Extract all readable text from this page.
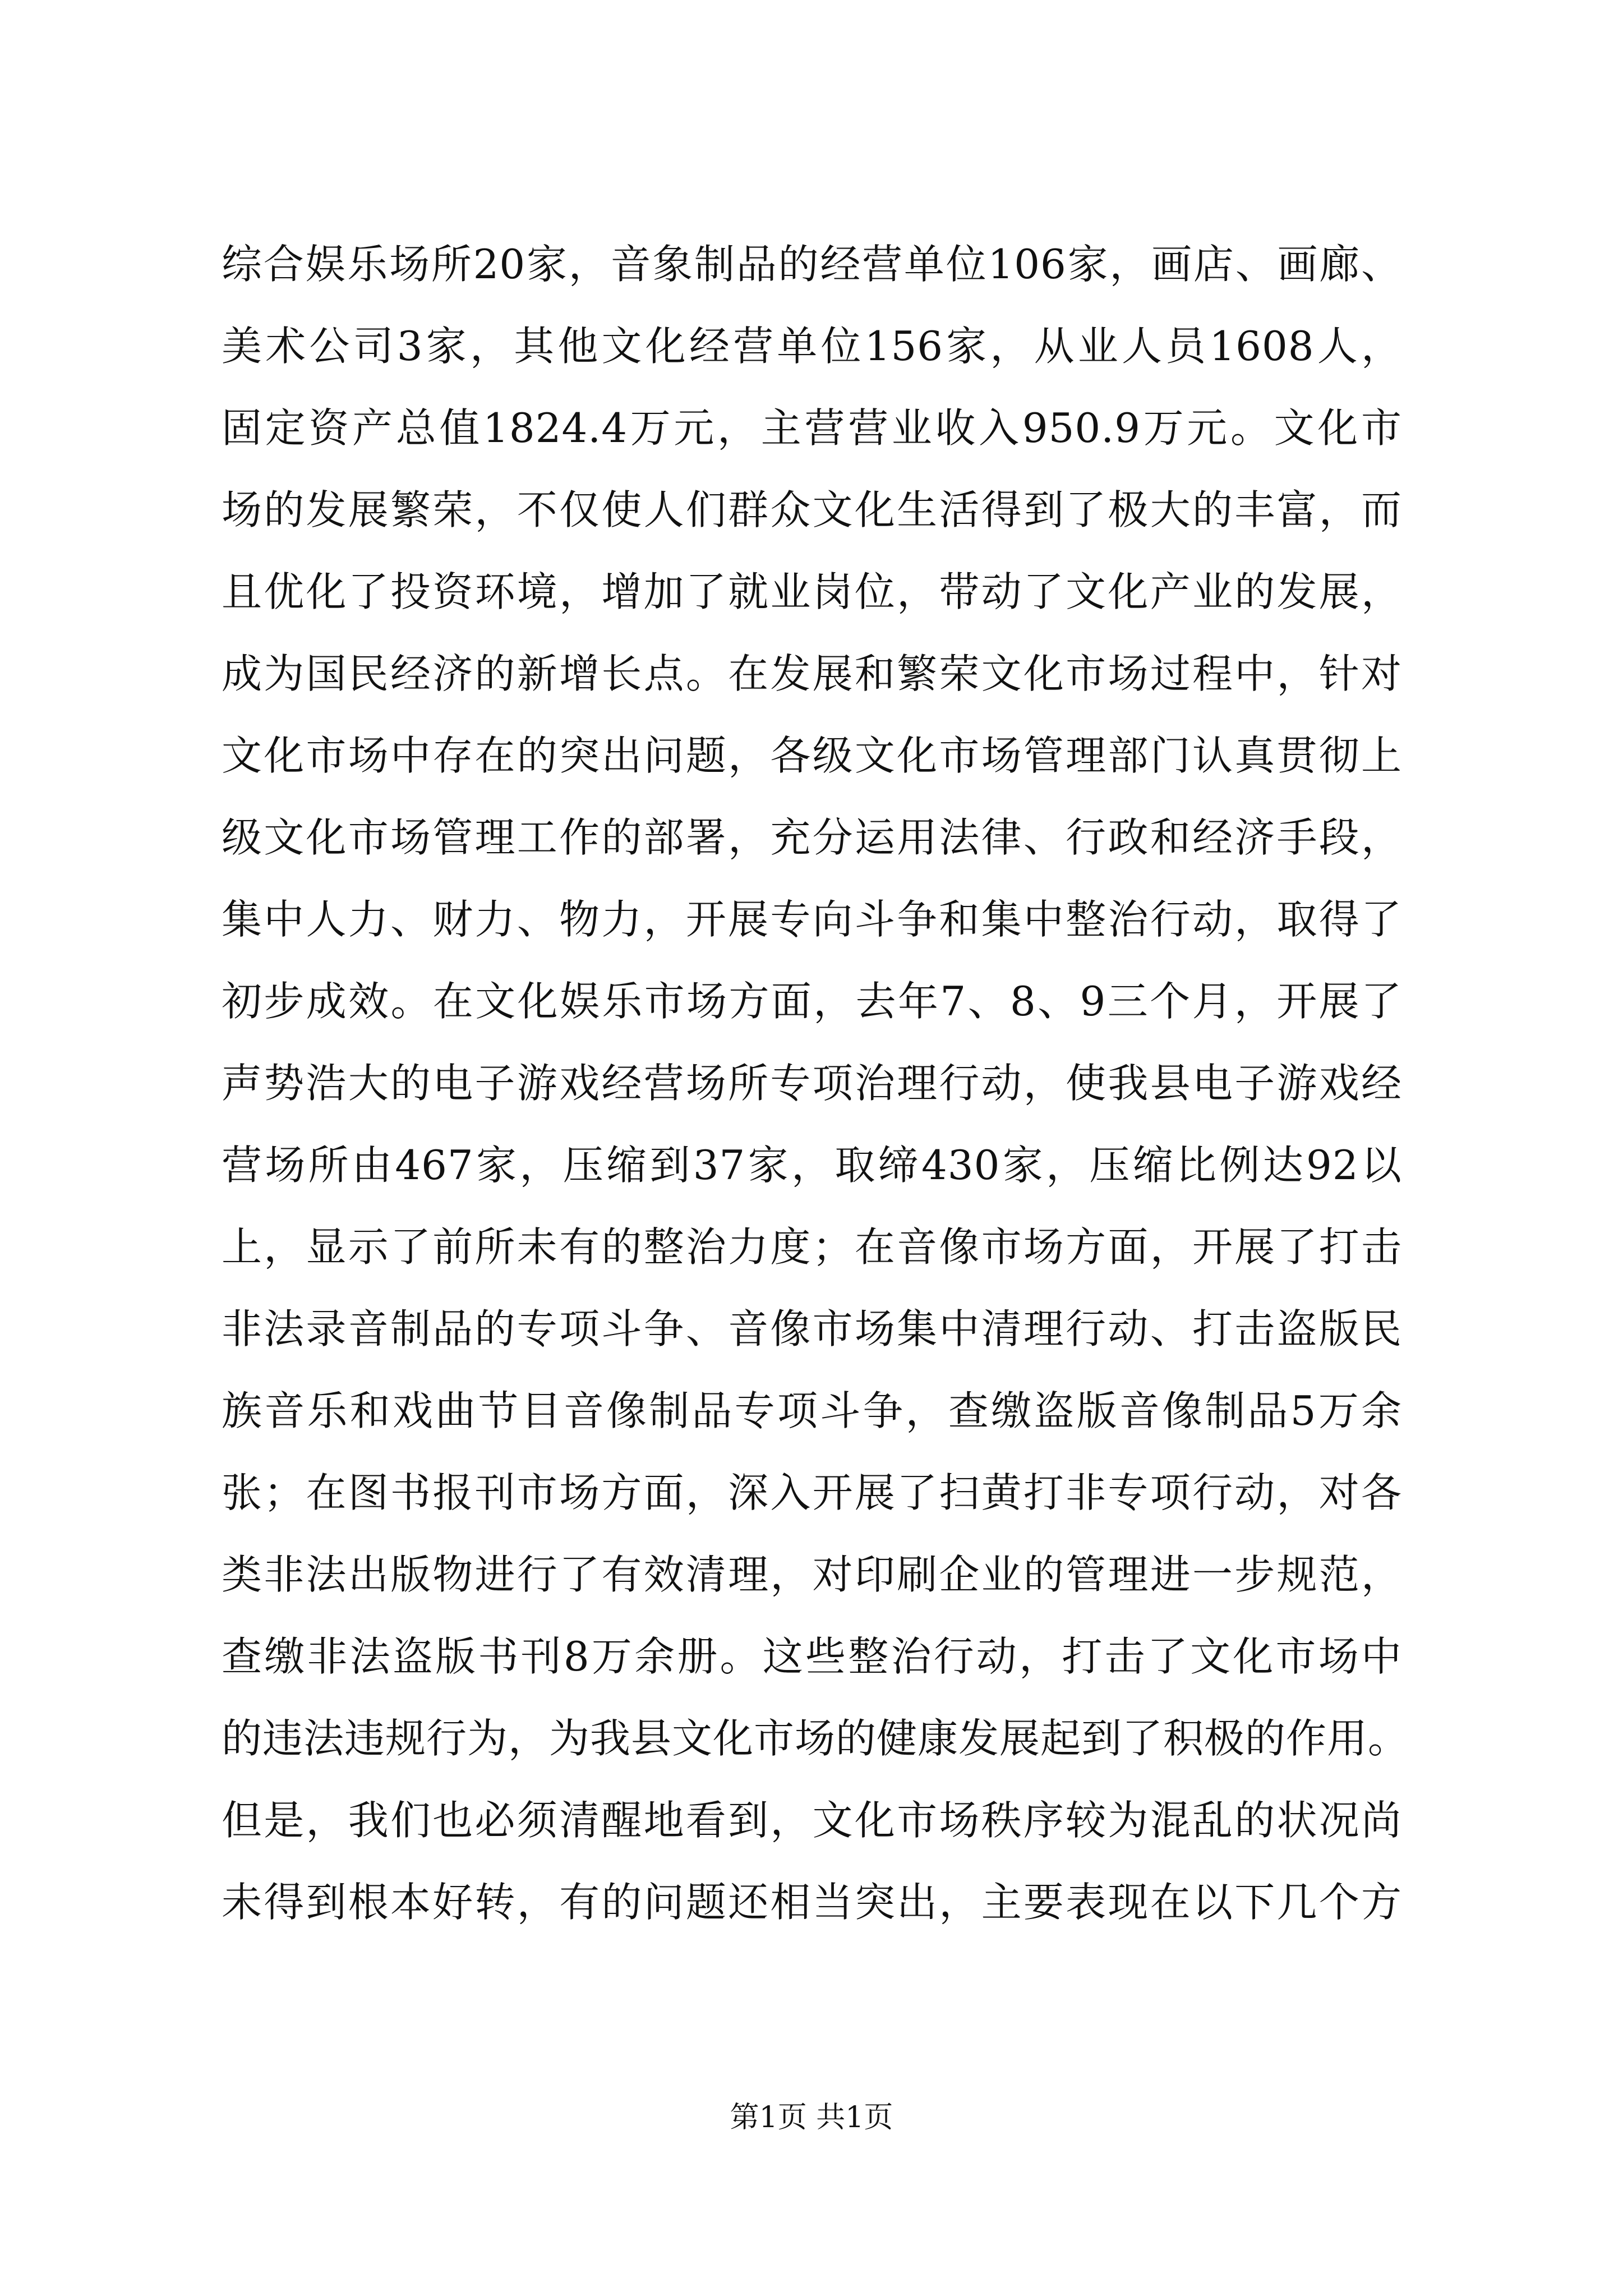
综合娱乐场所20家，音象制品的经营单位106家，画店、画廊、
美术公司3家，其他文化经营单位156家，从业人员1608人，
固定资产总值1824.4万元，主营营业收入950.9万元。文化市
场的发展繁荣，不仅使人们群众文化生活得到了极大的丰富，而
且优化了投资环境，增加了就业岗位，带动了文化产业的发展，
成为国民经济的新增长点。在发展和繁荣文化市场过程中，针对
文化市场中存在的突出问题，各级文化市场管理部门认真贯彻上
级文化市场管理工作的部署，充分运用法律、行政和经济手段，
集中人力、财力、物力，开展专向斗争和集中整治行动，取得了
初步成效。在文化娱乐市场方面，去年7、8、9三个月，开展了
声势浩大的电子游戏经营场所专项治理行动，使我县电子游戏经
营场所由467家，压缩到37家，取缔430家，压缩比例达92以
上，显示了前所未有的整治力度；在音像市场方面，开展了打击
非法录音制品的专项斗争、音像市场集中清理行动、打击盗版民
族音乐和戏曲节目音像制品专项斗争，查缴盗版音像制品5万余
张；在图书报刊市场方面，深入开展了扫黄打非专项行动，对各
类非法出版物进行了有效清理，对印刷企业的管理进一步规范，
查缴非法盗版书刊8万余册。这些整治行动，打击了文化市场中
的违法违规行为，为我县文化市场的健康发展起到了积极的作用。
但是，我们也必须清醒地看到，文化市场秩序较为混乱的状况尚
未得到根本好转，有的问题还相当突出，主要表现在以下几个方
第1页 共1页
